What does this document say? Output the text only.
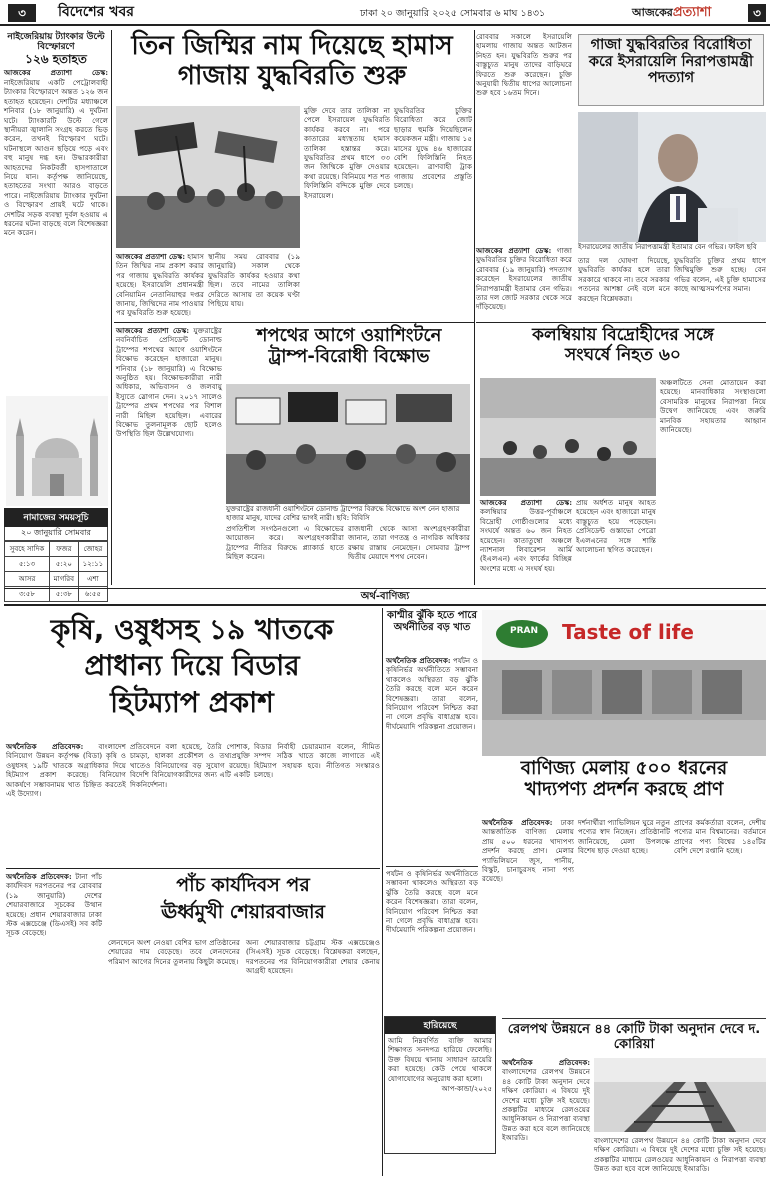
৩	বিদেশের খবর	ঢাকা ২০ জানুয়ারি ২০২৫ সোমবার ৬ মাঘ ১৪৩১	আজকেরপ্রত্যাশা	৩
নাইজেরিয়ায় ট্যাংকার উল্টে বিস্ফোরণে
১২৬ হতাহত
আজকের প্রত্যাশা ডেস্ক: নাইজেরিয়ায় একটি পেট্রোলবাহী ট্যাংকার বিস্ফোরণে অন্তত ১২৬ জন হতাহত হয়েছেন। দেশটির মধ্যাঞ্চলে শনিবার (১৮ জানুয়ারি) এ দুর্ঘটনা ঘটে। ট্যাংকারটি উল্টে গেলে স্থানীয়রা জ্বালানি সংগ্রহ করতে ভিড় করেন, তখনই বিস্ফোরণ ঘটে। ঘটনাস্থলে আগুন ছড়িয়ে পড়ে এবং বহু মানুষ দগ্ধ হন। উদ্ধারকারীরা আহতদের নিকটবর্তী হাসপাতালে নিয়ে যান। কর্তৃপক্ষ জানিয়েছে, হতাহতের সংখ্যা আরও বাড়তে পারে। নাইজেরিয়ায় ট্যাংকার দুর্ঘটনা ও বিস্ফোরণ প্রায়ই ঘটে থাকে। দেশটির সড়ক ব্যবস্থা দুর্বল হওয়ায় এ ধরনের ঘটনা বাড়ছে বলে বিশেষজ্ঞরা মনে করেন।
নামাজের সময়সূচি
২০ জানুয়ারি সোমবার
সুবহে সাদিক	ফজর	জোহর
৫:১৩	৫:২০	১২:১১
আসর	মাগরিব	এশা
৩:৫৮	৫:৩৮	৬:৫৫
তিন জিম্মির নাম দিয়েছে হামাস
গাজায় যুদ্ধবিরতি শুরু
আজকের প্রত্যাশা ডেস্ক: হামাস তিন জিম্মির নাম প্রকাশ করার পর গাজায় যুদ্ধবিরতি কার্যকর হয়েছে। ইসরায়েলি প্রধানমন্ত্রী বেনিয়ামিন নেতানিয়াহুর দপ্তর জানায়, জিম্মিদের নাম পাওয়ার পর যুদ্ধবিরতি শুরু হয়েছে।
স্থানীয় সময় রোববার (১৯ জানুয়ারি) সকাল থেকে যুদ্ধবিরতি কার্যকর হওয়ার কথা ছিল। তবে নামের তালিকা দেরিতে আসায় তা কয়েক ঘণ্টা পিছিয়ে যায়।
মুক্তি দেবে তার তালিকা না পেলে ইসরায়েল যুদ্ধবিরতি কার্যকর করবে না। পরে কাতারের মধ্যস্থতায় হামাস তালিকা হস্তান্তর করে। যুদ্ধবিরতির প্রথম ধাপে ৩৩ জন জিম্মিকে মুক্তি দেওয়ার কথা রয়েছে। বিনিময়ে শত শত ফিলিস্তিনি বন্দিকে মুক্তি দেবে ইসরায়েল।
যুদ্ধবিরতির চুক্তির বিরোধিতা করে জোট ছাড়ার হুমকি দিয়েছিলেন কয়েকজন মন্ত্রী। গাজায় ১৫ মাসের যুদ্ধে ৪৬ হাজারের বেশি ফিলিস্তিনি নিহত হয়েছেন। ত্রাণবাহী ট্রাক গাজায় প্রবেশের প্রস্তুতি চলছে।
রোববার সকালে ইসরায়েলি হামলায় গাজায় অন্তত আটজন নিহত হন। যুদ্ধবিরতি শুরুর পর বাস্তুচ্যুত মানুষ তাদের বাড়িঘরে ফিরতে শুরু করেছেন। চুক্তি অনুযায়ী দ্বিতীয় ধাপের আলোচনা শুরু হবে ১৬তম দিনে।
গাজা যুদ্ধবিরতির বিরোধিতা করে ইসরায়েলি নিরাপত্তামন্ত্রী পদত্যাগ
ইসরায়েলের জাতীয় নিরাপত্তামন্ত্রী ইতামার বেন গভির। ফাইল ছবি
আজকের প্রত্যাশা ডেস্ক: গাজা যুদ্ধবিরতির চুক্তির বিরোধিতা করে রোববার (১৯ জানুয়ারি) পদত্যাগ করেছেন ইসরায়েলের জাতীয় নিরাপত্তামন্ত্রী ইতামার বেন গভির। তার দল জোট সরকার থেকে সরে দাঁড়িয়েছে।
তার দল ঘোষণা দিয়েছে, যুদ্ধবিরতি কার্যকর হলে তারা সরকারে থাকবে না। তবে সরকার পতনের আশঙ্কা নেই বলে মনে করছেন বিশ্লেষকরা।
যুদ্ধবিরতি চুক্তির প্রথম ধাপে জিম্মিমুক্তি শুরু হচ্ছে। বেন গভির বলেন, এই চুক্তি হামাসের কাছে আত্মসমর্পণের সমান।
আজকের প্রত্যাশা ডেস্ক: যুক্তরাষ্ট্রের নবনির্বাচিত প্রেসিডেন্ট ডোনাল্ড ট্রাম্পের শপথের আগে ওয়াশিংটনে বিক্ষোভ করেছেন হাজারো মানুষ। শনিবার (১৮ জানুয়ারি) এ বিক্ষোভ অনুষ্ঠিত হয়। বিক্ষোভকারীরা নারী অধিকার, অভিবাসন ও জলবায়ু ইস্যুতে স্লোগান দেন। ২০১৭ সালেও ট্রাম্পের প্রথম শপথের পর বিশাল নারী মিছিল হয়েছিল। এবারের বিক্ষোভ তুলনামূলক ছোট হলেও উপস্থিতি ছিল উল্লেখযোগ্য।
শপথের আগে ওয়াশিংটনে
ট্রাম্প-বিরোধী বিক্ষোভ
যুক্তরাষ্ট্রের রাজধানী ওয়াশিংটনে ডোনাল্ড ট্রাম্পের বিরুদ্ধে বিক্ষোভে অংশ নেন হাজার হাজার মানুষ, যাদের বেশির ভাগই নারী। ছবি: বিবিসি
প্রগতিশীল সংগঠনগুলো এ বিক্ষোভের আয়োজন করে। অংশগ্রহণকারীরা ট্রাম্পের নীতির বিরুদ্ধে প্ল্যাকার্ড হাতে মিছিল করেন।
রাজধানী থেকে আসা অংশগ্রহণকারীরা জানান, তারা গণতন্ত্র ও নাগরিক অধিকার রক্ষায় রাস্তায় নেমেছেন। সোমবার ট্রাম্প দ্বিতীয় মেয়াদে শপথ নেবেন।
কলম্বিয়ায় বিদ্রোহীদের সঙ্গে
সংঘর্ষে নিহত ৬০
আজকের প্রত্যাশা ডেস্ক: কলম্বিয়ার উত্তর-পূর্বাঞ্চলে বিদ্রোহী গোষ্ঠীগুলোর মধ্যে সংঘর্ষে অন্তত ৬০ জন নিহত হয়েছেন। কাতাতুম্বো অঞ্চলে ন্যাশনাল লিবারেশন আর্মি (ইএলএন) এবং ফার্কের বিচ্ছিন্ন অংশের মধ্যে এ সংঘর্ষ হয়।
প্রায় অর্ধশত মানুষ আহত হয়েছেন এবং হাজারো মানুষ বাস্তুচ্যুত হয়ে পড়েছেন। প্রেসিডেন্ট গুস্তাভো পেত্রো ইএলএনের সঙ্গে শান্তি আলোচনা স্থগিত করেছেন।
অঞ্চলটিতে সেনা মোতায়েন করা হয়েছে। মানবাধিকার সংস্থাগুলো বেসামরিক মানুষের নিরাপত্তা নিয়ে উদ্বেগ জানিয়েছে এবং জরুরি মানবিক সহায়তার আহ্বান জানিয়েছে।
অর্থ-বাণিজ্য
কৃষি, ওষুধসহ ১৯ খাতকে
প্রাধান্য দিয়ে বিডার
হিটম্যাপ প্রকাশ
অর্থনৈতিক প্রতিবেদক: বাংলাদেশ বিনিয়োগ উন্নয়ন কর্তৃপক্ষ (বিডা) কৃষি ও ওষুধসহ ১৯টি খাতকে অগ্রাধিকার দিয়ে হিটম্যাপ প্রকাশ করেছে। বিনিয়োগ আকর্ষণে সম্ভাবনাময় খাত চিহ্নিত করতেই এই উদ্যোগ।
প্রতিবেদনে বলা হয়েছে, তৈরি পোশাক, চামড়া, হালকা প্রকৌশল ও তথ্যপ্রযুক্তি খাতেও বিনিয়োগের বড় সুযোগ রয়েছে। বিদেশি বিনিয়োগকারীদের জন্য এটি একটি দিকনির্দেশনা।
বিডার নির্বাহী চেয়ারম্যান বলেন, সীমিত সম্পদ সঠিক খাতে কাজে লাগাতে এই হিটম্যাপ সহায়ক হবে। নীতিগত সংস্কারও চলছে।
অর্থনৈতিক প্রতিবেদক: টানা পাঁচ কার্যদিবস দরপতনের পর রোববার (১৯ জানুয়ারি) দেশের শেয়ারবাজারে সূচকের উত্থান হয়েছে। প্রধান শেয়ারবাজার ঢাকা স্টক এক্সচেঞ্জে (ডিএসই) সব কটি সূচক বেড়েছে।
পাঁচ কার্যদিবস পর
ঊর্ধ্বমুখী শেয়ারবাজার
লেনদেনে অংশ নেওয়া বেশির ভাগ প্রতিষ্ঠানের শেয়ারের দাম বেড়েছে। তবে লেনদেনের পরিমাণ আগের দিনের তুলনায় কিছুটা কমেছে।
অন্য শেয়ারবাজার চট্টগ্রাম স্টক এক্সচেঞ্জেও (সিএসই) সূচক বেড়েছে। বিশ্লেষকরা বলছেন, দরপতনের পর বিনিয়োগকারীরা শেয়ার কেনায় আগ্রহী হয়েছেন।
কাশ্মীর ঝুঁকি হতে পারে অর্থনীতির বড় খাত
অর্থনৈতিক প্রতিবেদক: পর্যটন ও কৃষিনির্ভর অর্থনীতিতে সম্ভাবনা থাকলেও অস্থিরতা বড় ঝুঁকি তৈরি করছে বলে মনে করেন বিশেষজ্ঞরা। তারা বলেন, বিনিয়োগ পরিবেশ নিশ্চিত করা না গেলে প্রবৃদ্ধি বাধাগ্রস্ত হবে। দীর্ঘমেয়াদি পরিকল্পনা প্রয়োজন।
PRAN Taste of life
বাণিজ্য মেলায় ৫০০ ধরনের
খাদ্যপণ্য প্রদর্শন করছে প্রাণ
অর্থনৈতিক প্রতিবেদক: ঢাকা আন্তর্জাতিক বাণিজ্য মেলায় প্রায় ৫০০ ধরনের খাদ্যপণ্য প্রদর্শন করছে প্রাণ। মেলার প্যাভিলিয়নে জুস, পানীয়, বিস্কুট, চানাচুরসহ নানা পণ্য রয়েছে।
দর্শনার্থীরা প্যাভিলিয়ন ঘুরে নতুন পণ্যের স্বাদ নিচ্ছেন। প্রতিষ্ঠানটি জানিয়েছে, মেলা উপলক্ষে বিশেষ ছাড় দেওয়া হচ্ছে।
প্রাণের কর্মকর্তারা বলেন, দেশীয় পণ্যের মান বিশ্বমানের। বর্তমানে প্রাণের পণ্য বিশ্বের ১৪৫টির বেশি দেশে রপ্তানি হচ্ছে।
হারিয়েছে
আমি নিম্নবর্ণিত ব্যক্তি আমার শিক্ষাগত সনদপত্র হারিয়ে ফেলেছি। উক্ত বিষয়ে থানায় সাধারণ ডায়েরি করা হয়েছে। কেউ পেয়ে থাকলে যোগাযোগের অনুরোধ করা হলো।
আপ-কান্ডা/২০২৫
পর্যটন ও কৃষিনির্ভর অর্থনীতিতে সম্ভাবনা থাকলেও অস্থিরতা বড় ঝুঁকি তৈরি করছে বলে মনে করেন বিশেষজ্ঞরা। তারা বলেন, বিনিয়োগ পরিবেশ নিশ্চিত করা না গেলে প্রবৃদ্ধি বাধাগ্রস্ত হবে। দীর্ঘমেয়াদি পরিকল্পনা প্রয়োজন।
রেলপথ উন্নয়নে ৪৪ কোটি টাকা অনুদান দেবে দ. কোরিয়া
অর্থনৈতিক প্রতিবেদক: বাংলাদেশের রেলপথ উন্নয়নে ৪৪ কোটি টাকা অনুদান দেবে দক্ষিণ কোরিয়া। এ বিষয়ে দুই দেশের মধ্যে চুক্তি সই হয়েছে। প্রকল্পটির মাধ্যমে রেলওয়ের আধুনিকায়ন ও নিরাপত্তা ব্যবস্থা উন্নত করা হবে বলে জানিয়েছে ইআরডি।	বাংলাদেশের রেলপথ উন্নয়নে ৪৪ কোটি টাকা অনুদান দেবে দক্ষিণ কোরিয়া। এ বিষয়ে দুই দেশের মধ্যে চুক্তি সই হয়েছে। প্রকল্পটির মাধ্যমে রেলওয়ের আধুনিকায়ন ও নিরাপত্তা ব্যবস্থা উন্নত করা হবে বলে জানিয়েছে ইআরডি।
